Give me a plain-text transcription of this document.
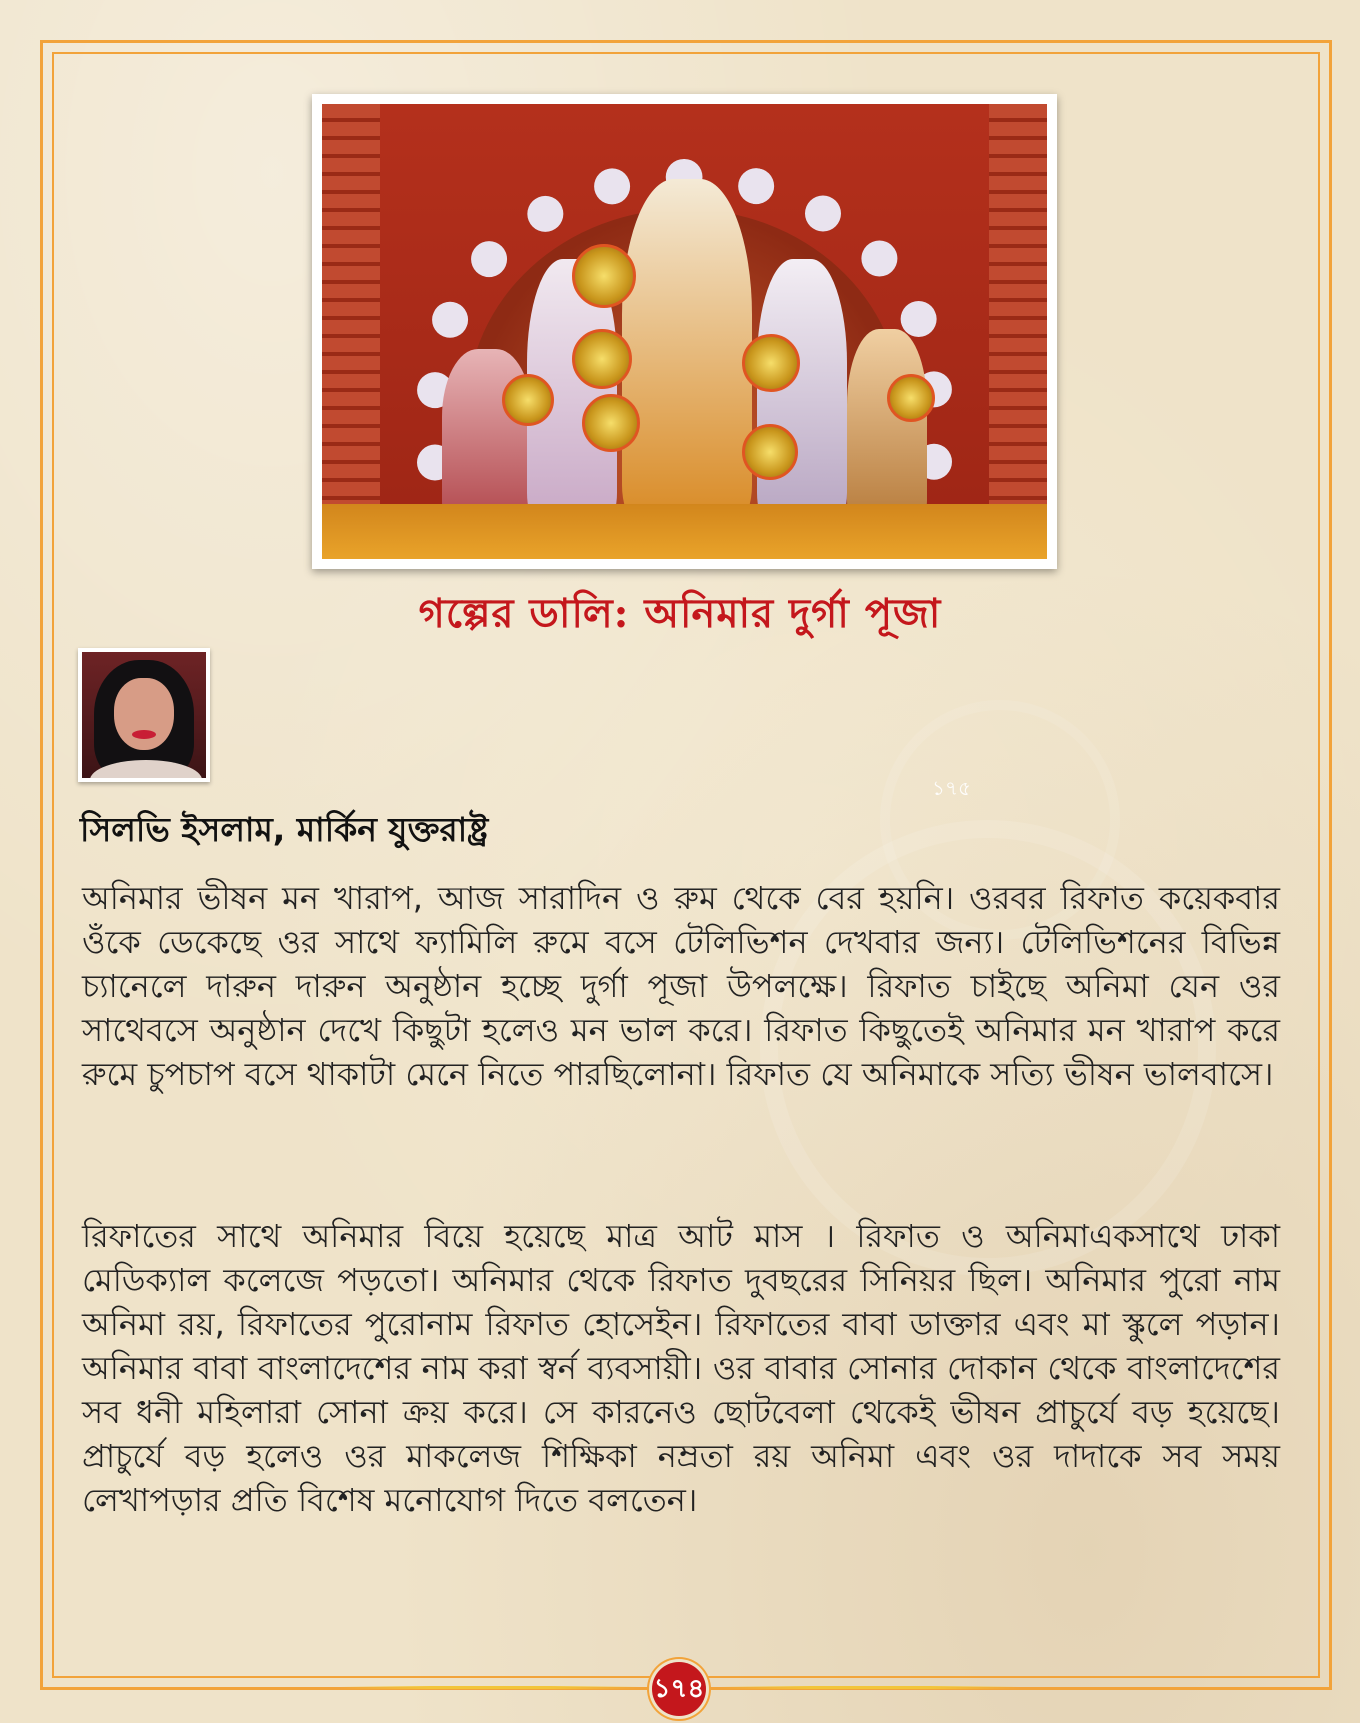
গল্পের ডালি: অনিমার দুর্গা পূজা
১৭৫
সিলভি ইসলাম, মার্কিন যুক্তরাষ্ট্র

অনিমার ভীষন মন খারাপ, আজ সারাদিন ও রুম থেকে বের হয়নি। ওরবর রিফাত কয়েকবার ওঁকে ডেকেছে ওর সাথে ফ্যামিলি রুমে বসে টেলিভিশন দেখবার জন্য। টেলিভিশনের বিভিন্ন চ্যানেলে দারুন দারুন অনুষ্ঠান হচ্ছে দুর্গা পূজা উপলক্ষে। রিফাত চাইছে অনিমা যেন ওর সাথেবসে অনুষ্ঠান দেখে কিছুটা হলেও মন ভাল করে। রিফাত কিছুতেই অনিমার মন খারাপ করে রুমে চুপচাপ বসে থাকাটা মেনে নিতে পারছিলোনা। রিফাত যে অনিমাকে সত্যি ভীষন ভালবাসে।

রিফাতের সাথে অনিমার বিয়ে হয়েছে মাত্র আট মাস । রিফাত ও অনিমাএকসাথে ঢাকা মেডিক্যাল কলেজে পড়তো। অনিমার থেকে রিফাত দুবছরের সিনিয়র ছিল। অনিমার পুরো নাম অনিমা রয়, রিফাতের পুরোনাম রিফাত হোসেইন। রিফাতের বাবা ডাক্তার এবং মা স্কুলে পড়ান। অনিমার বাবা বাংলাদেশের নাম করা স্বর্ন ব্যবসায়ী। ওর বাবার সোনার দোকান থেকে বাংলাদেশের সব ধনী মহিলারা সোনা ক্রয় করে। সে কারনেও ছোটবেলা থেকেই ভীষন প্রাচুর্যে বড় হয়েছে। প্রাচুর্যে বড় হলেও ওর মাকলেজ শিক্ষিকা নম্রতা রয় অনিমা এবং ওর দাদাকে সব সময় লেখাপড়ার প্রতি বিশেষ মনোযোগ দিতে বলতেন।

১৭৪
